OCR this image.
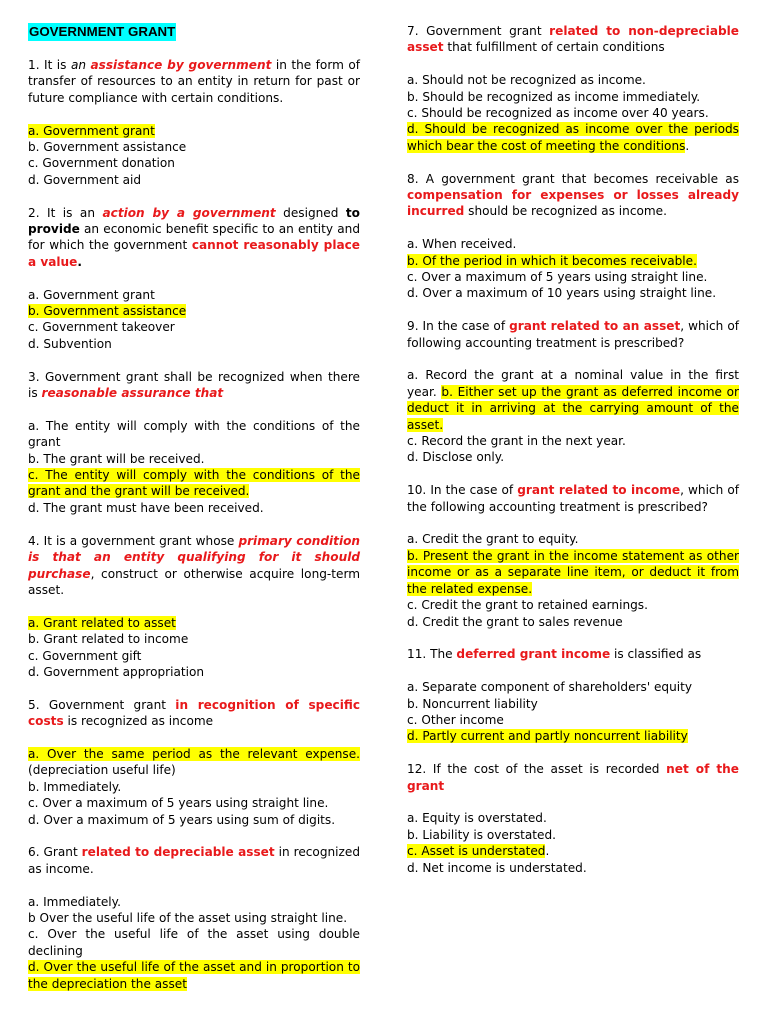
GOVERNMENT GRANT

1. It is an assistance by government in the form of transfer of resources to an entity in return for past or future compliance with certain conditions.

a. Government grant

b. Government assistance

c. Government donation

d. Government aid

2. It is an action by a government designed to provide an economic benefit specific to an entity and for which the government cannot reasonably place a value.

a. Government grant

b. Government assistance

c. Government takeover

d. Subvention

3. Government grant shall be recognized when there is reasonable assurance that

a. The entity will comply with the conditions of the grant

b. The grant will be received.

c. The entity will comply with the conditions of the grant and the grant will be received.

d. The grant must have been received.

4. It is a government grant whose primary condition is that an entity qualifying for it should purchase, construct or otherwise acquire long-term asset.

a. Grant related to asset

b. Grant related to income

c. Government gift

d. Government appropriation

5. Government grant in recognition of specific costs is recognized as income

a. Over the same period as the relevant expense. (depreciation useful life)

b. Immediately.

c. Over a maximum of 5 years using straight line.

d. Over a maximum of 5 years using sum of digits.

6. Grant related to depreciable asset in recognized as income.

a. Immediately.

b Over the useful life of the asset using straight line.

c. Over the useful life of the asset using double declining

d. Over the useful life of the asset and in proportion to the depreciation the asset

7. Government grant related to non-depreciable asset that fulfillment of certain conditions

a. Should not be recognized as income.

b. Should be recognized as income immediately.

c. Should be recognized as income over 40 years.

d. Should be recognized as income over the periods which bear the cost of meeting the conditions.

8. A government grant that becomes receivable as compensation for expenses or losses already incurred should be recognized as income.

a. When received.

b. Of the period in which it becomes receivable.

c. Over a maximum of 5 years using straight line.

d. Over a maximum of 10 years using straight line.

9. In the case of grant related to an asset, which of following accounting treatment is prescribed?

a. Record the grant at a nominal value in the first year. b. Either set up the grant as deferred income or deduct it in arriving at the carrying amount of the asset.

c. Record the grant in the next year.

d. Disclose only.

10. In the case of grant related to income, which of the following accounting treatment is prescribed?

a. Credit the grant to equity.

b. Present the grant in the income statement as other income or as a separate line item, or deduct it from the related expense.

c. Credit the grant to retained earnings.

d. Credit the grant to sales revenue

11. The deferred grant income is classified as

a. Separate component of shareholders' equity

b. Noncurrent liability

c. Other income

d. Partly current and partly noncurrent liability

12. If the cost of the asset is recorded net of the grant

a. Equity is overstated.

b. Liability is overstated.

c. Asset is understated.

d. Net income is understated.
